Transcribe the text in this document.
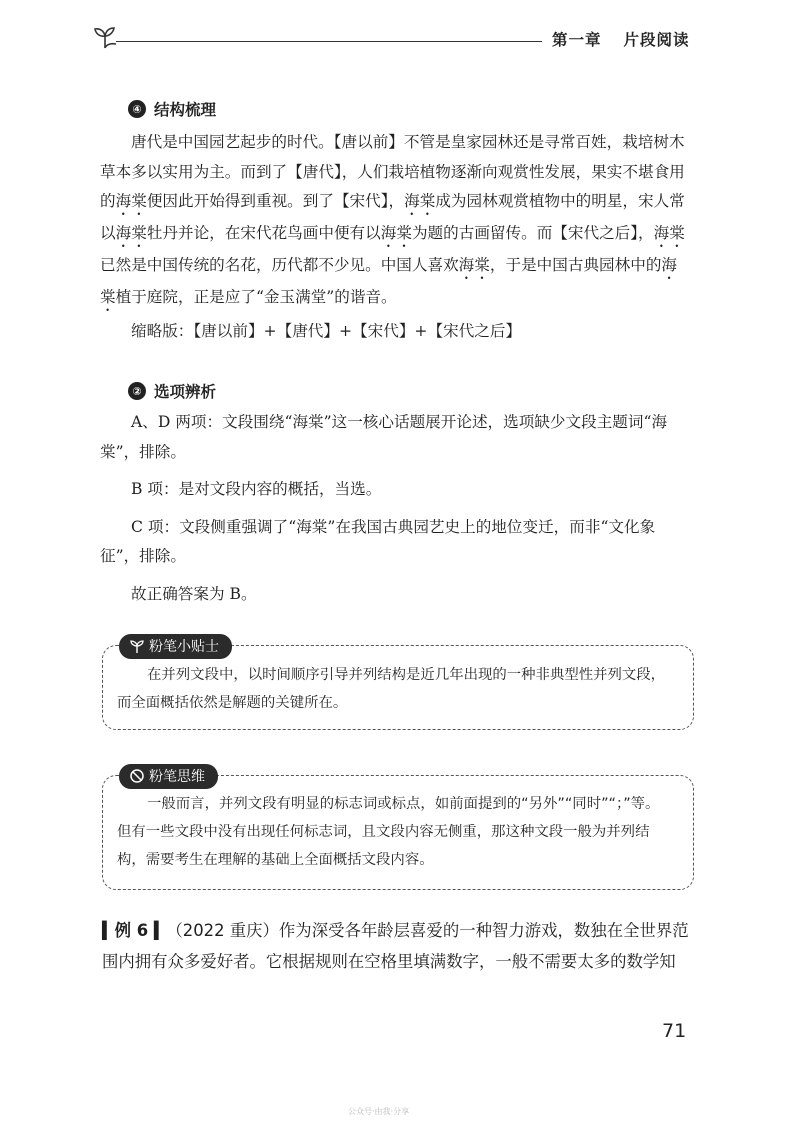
第一章 片段阅读
④ 结构梳理

唐代是中国园艺起步的时代。【唐以前】不管是皇家园林还是寻常百姓，栽培树木草本多以实用为主。而到了【唐代】，人们栽培植物逐渐向观赏性发展，果实不堪食用的海棠便因此开始得到重视。到了【宋代】，海棠成为园林观赏植物中的明星，宋人常以海棠牡丹并论，在宋代花鸟画中便有以海棠为题的古画留传。而【宋代之后】，海棠已然是中国传统的名花，历代都不少见。中国人喜欢海棠，于是中国古典园林中的海棠植于庭院，正是应了“金玉满堂”的谐音。

缩略版：【唐以前】+【唐代】+【宋代】+【宋代之后】

② 选项辨析

A、D 两项：文段围绕“海棠”这一核心话题展开论述，选项缺少文段主题词“海棠”，排除。

B 项：是对文段内容的概括，当选。

C 项：文段侧重强调了“海棠”在我国古典园艺史上的地位变迁，而非“文化象征”，排除。

故正确答案为 B。

粉笔小贴士

在并列文段中，以时间顺序引导并列结构是近几年出现的一种非典型性并列文段，而全面概括依然是解题的关键所在。

粉笔思维

一般而言，并列文段有明显的标志词或标点，如前面提到的“另外”“同时”“；”等。但有一些文段中没有出现任何标志词，且文段内容无侧重，那这种文段一般为并列结构，需要考生在理解的基础上全面概括文段内容。

▍例 6 ▍（2022 重庆）作为深受各年龄层喜爱的一种智力游戏，数独在全世界范围内拥有众多爱好者。它根据规则在空格里填满数字，一般不需要太多的数学知

71
公众号·由我·分享
